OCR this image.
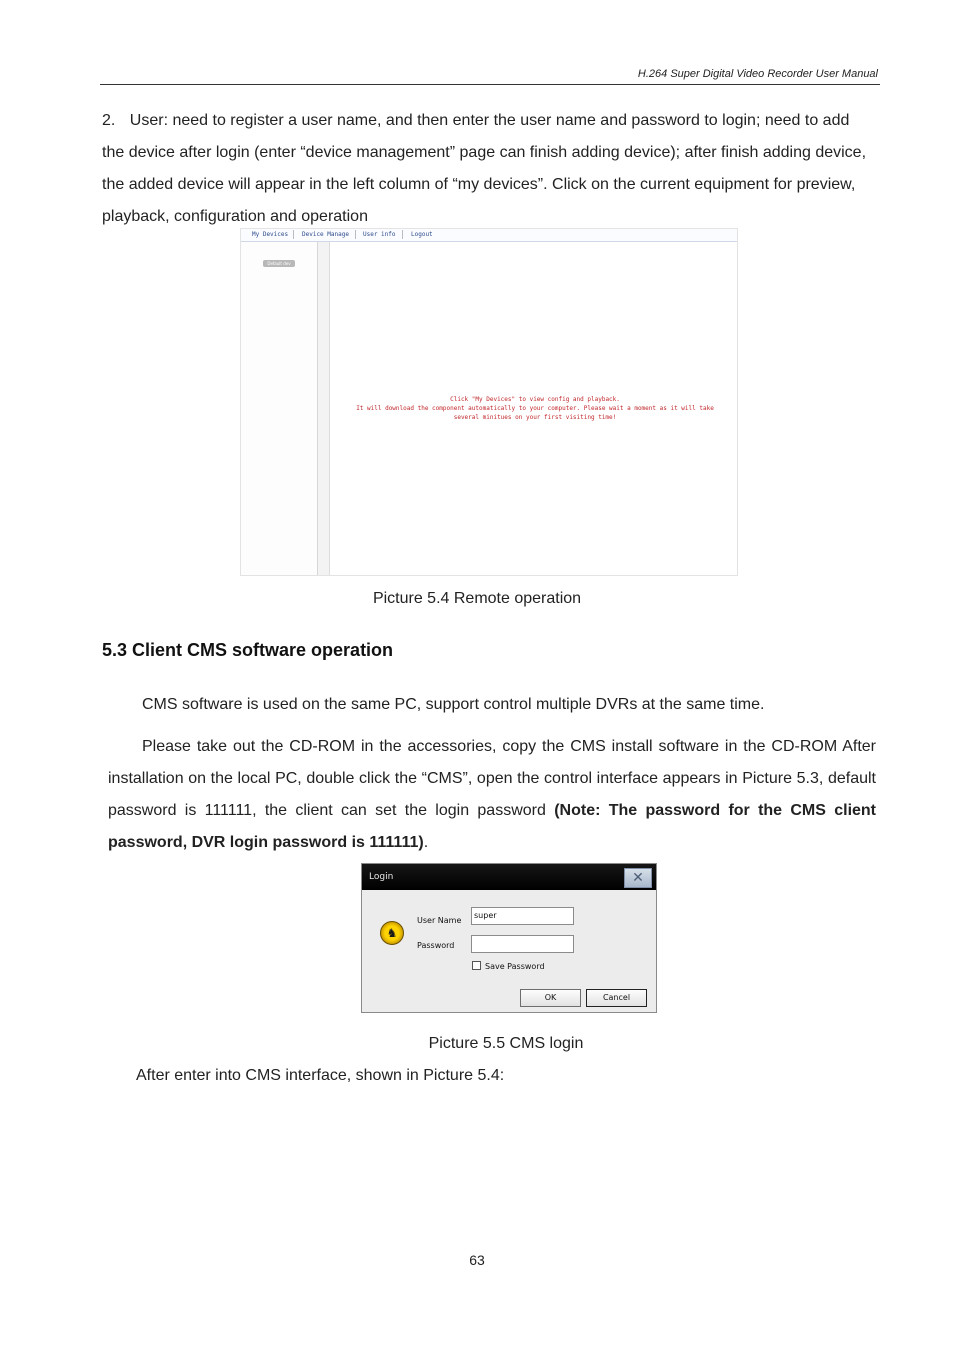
H.264 Super Digital Video Recorder User Manual
2. User: need to register a user name, and then enter the user name and password to login; need to add the device after login (enter “device management” page can finish adding device); after finish adding device, the added device will appear in the left column of “my devices”. Click on the current equipment for preview, playback, configuration and operation
My Devices Device Manage User info	Logout
Default dev
Click "My Devices" to view config and playback.
It will download the component automatically to your computer. Please wait a moment as it will take
several minitues on your first visiting time!
Picture 5.4 Remote operation
5.3 Client CMS software operation
CMS software is used on the same PC, support control multiple DVRs at the same time.
Please take out the CD-ROM in the accessories, copy the CMS install software in the CD-ROM After installation on the local PC, double click the “CMS”, open the control interface appears in Picture 5.3, default password is 111111, the client can set the login password (Note: The password for the CMS client password, DVR login password is 111111).
Login	✕
♞
User Name
super
Password
Save Password
OK	Cancel
Picture 5.5 CMS login
After enter into CMS interface, shown in Picture 5.4:
63
